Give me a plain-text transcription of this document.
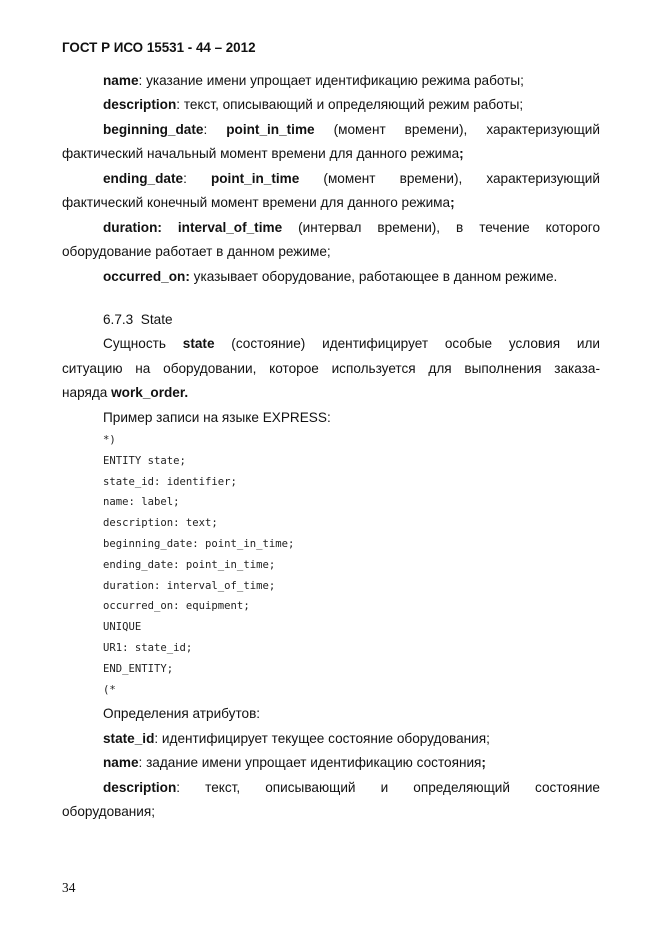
ГОСТ Р ИСО 15531 - 44 – 2012
name: указание имени упрощает идентификацию режима работы;
description: текст, описывающий и определяющий режим работы;
beginning_date: point_in_time (момент времени), характеризующий
фактический начальный момент времени для данного режима;
ending_date: point_in_time (момент времени), характеризующий
фактический конечный момент времени для данного режима;
duration: interval_of_time (интервал времени), в течение которого
оборудование работает в данном режиме;
occurred_on: указывает оборудование, работающее в данном режиме.
6.7.3 State
Сущность state (состояние) идентифицирует особые условия или
ситуацию на оборудовании, которое используется для выполнения заказа-
наряда work_order.
Пример записи на языке EXPRESS:
*)
ENTITY state;
state_id: identifier;
name: label;
description: text;
beginning_date: point_in_time;
ending_date: point_in_time;
duration: interval_of_time;
occurred_on: equipment;
UNIQUE
UR1: state_id;
END_ENTITY;
(*
Определения атрибутов:
state_id: идентифицирует текущее состояние оборудования;
name: задание имени упрощает идентификацию состояния;
description: текст, описывающий и определяющий состояние
оборудования;
34
